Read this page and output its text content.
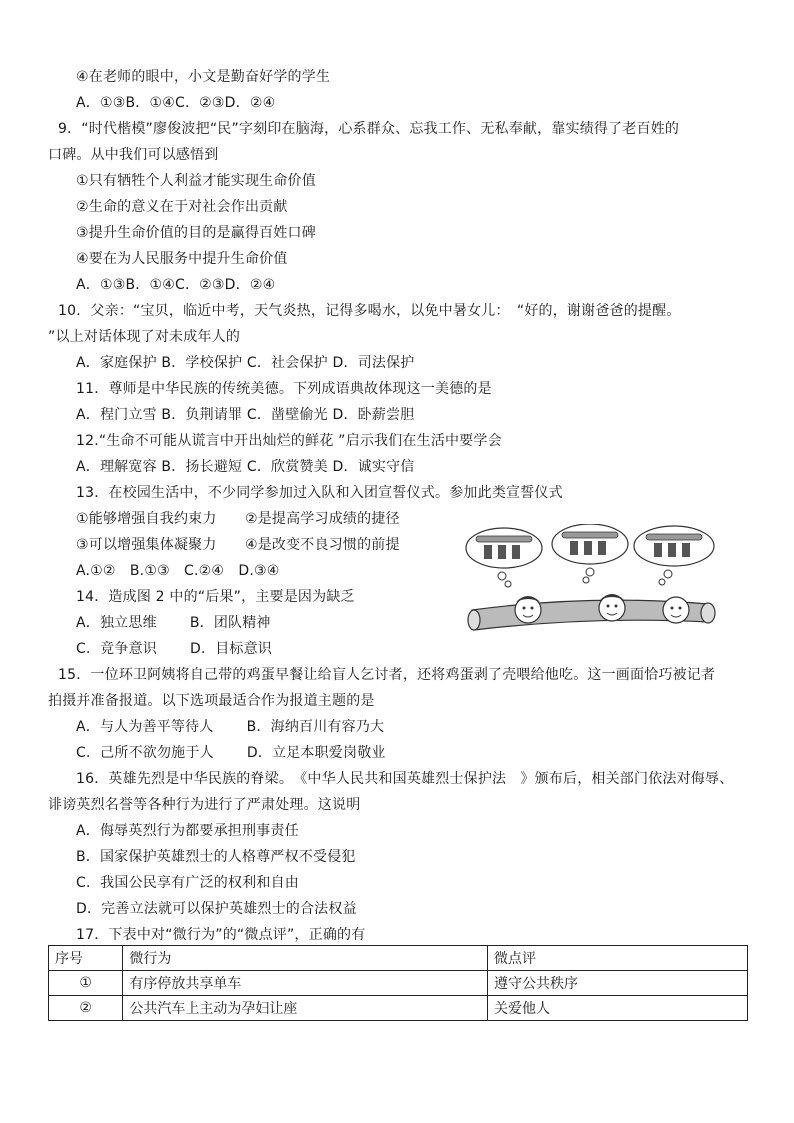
④在老师的眼中，小文是勤奋好学的学生
A．①③B．①④C．②③D．②④
9．“时代楷模”廖俊波把“民”字刻印在脑海，心系群众、忘我工作、无私奉献，靠实绩得了老百姓的
口碑。从中我们可以感悟到
①只有牺牲个人利益才能实现生命价值
②生命的意义在于对社会作出贡献
③提升生命价值的目的是赢得百姓口碑
④要在为人民服务中提升生命价值
A．①③B．①④C．②③D．②④
10．父亲：“宝贝，临近中考，天气炎热，记得多喝水，以免中暑女儿：　“好的，谢谢爸爸的提醒。
”以上对话体现了对未成年人的
A．家庭保护 B．学校保护 C．社会保护 D．司法保护
11．尊师是中华民族的传统美德。下列成语典故体现这一美德的是
A．程门立雪 B．负荆请罪 C．凿壁偷光 D．卧薪尝胆
12.“生命不可能从谎言中开出灿烂的鲜花 ”启示我们在生活中要学会
A．理解宽容 B．扬长避短 C．欣赏赞美 D．诚实守信
13．在校园生活中，不少同学参加过入队和入团宣誓仪式。参加此类宣誓仪式
①能够增强自我约束力　　②是提高学习成绩的捷径
③可以增强集体凝聚力　　④是改变不良习惯的前提
A.①②　B.①③　C.②④　D.③④
14．造成图 2 中的“后果”，主要是因为缺乏
A．独立思维　　 B．团队精神
C．竞争意识　　 D．目标意识
15．一位环卫阿姨将自己带的鸡蛋早餐让给盲人乞讨者，还将鸡蛋剥了壳喂给他吃。这一画面恰巧被记者
拍摄并准备报道。以下选项最适合作为报道主题的是
A．与人为善平等待人　　 B．海纳百川有容乃大
C．己所不欲勿施于人　　 D．立足本职爱岗敬业
16．英雄先烈是中华民族的脊梁。　《中华人民共和国英雄烈士保护法　》颁布后，相关部门依法对侮辱、
诽谤英烈名誉等各种行为进行了严肃处理。这说明
A．侮辱英烈行为都要承担刑事责任
B．国家保护英雄烈士的人格尊严权不受侵犯
C．我国公民享有广泛的权利和自由
D．完善立法就可以保护英雄烈士的合法权益
17．下表中对“微行为”的“微点评”，正确的有
序号	微行为	微点评
①	有序停放共享单车	遵守公共秩序
②	公共汽车上主动为孕妇让座	关爱他人
